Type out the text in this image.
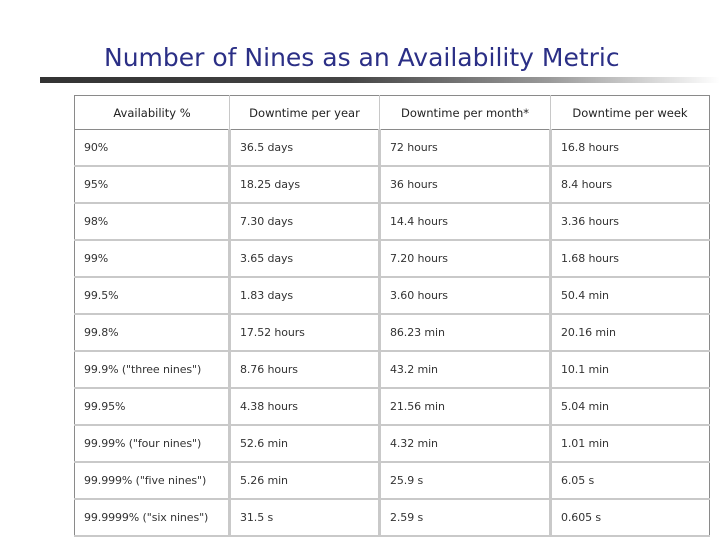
Number of Nines as an Availability Metric
Availability %	Downtime per year	Downtime per month*	Downtime per week
90%	36.5 days	72 hours	16.8 hours
95%	18.25 days	36 hours	8.4 hours
98%	7.30 days	14.4 hours	3.36 hours
99%	3.65 days	7.20 hours	1.68 hours
99.5%	1.83 days	3.60 hours	50.4 min
99.8%	17.52 hours	86.23 min	20.16 min
99.9% ("three nines")	8.76 hours	43.2 min	10.1 min
99.95%	4.38 hours	21.56 min	5.04 min
99.99% ("four nines")	52.6 min	4.32 min	1.01 min
99.999% ("five nines")	5.26 min	25.9 s	6.05 s
99.9999% ("six nines")	31.5 s	2.59 s	0.605 s
